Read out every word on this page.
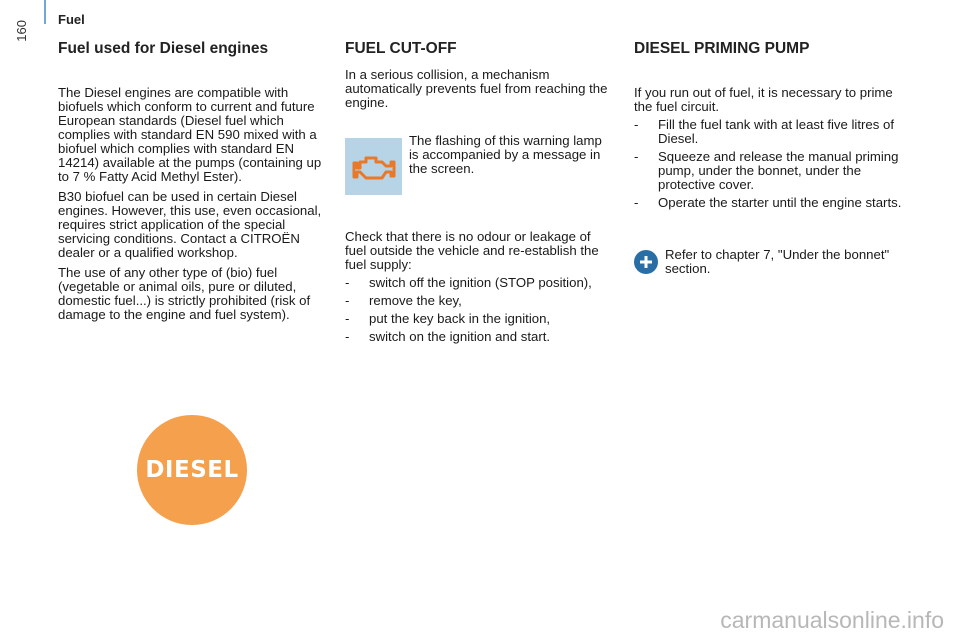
Fuel
160
Fuel used for Diesel engines

The Diesel engines are compatible with biofuels which conform to current and future European standards (Diesel fuel which complies with standard EN 590 mixed with a biofuel which complies with standard EN 14214) available at the pumps (containing up to 7 % Fatty Acid Methyl Ester).

B30 biofuel can be used in certain Diesel engines. However, this use, even occasional, requires strict application of the special servicing conditions. Contact a CITROËN dealer or a qualified workshop.

The use of any other type of (bio) fuel (vegetable or animal oils, pure or diluted, domestic fuel...) is strictly prohibited (risk of damage to the engine and fuel system).

DIESEL
FUEL CUT-OFF

In a serious collision, a mechanism automatically prevents fuel from reaching the engine.

The flashing of this warning lamp is accompanied by a message in the screen.

Check that there is no odour or leakage of fuel outside the vehicle and re-establish the fuel supply:

- switch off the ignition (STOP position),
- remove the key,
- put the key back in the ignition,
- switch on the ignition and start.
DIESEL PRIMING PUMP

If you run out of fuel, it is necessary to prime the fuel circuit.

- Fill the fuel tank with at least five litres of Diesel.
- Squeeze and release the manual priming pump, under the bonnet, under the protective cover.
- Operate the starter until the engine starts.

Refer to chapter 7, "Under the bonnet" section.

carmanualsonline.info
